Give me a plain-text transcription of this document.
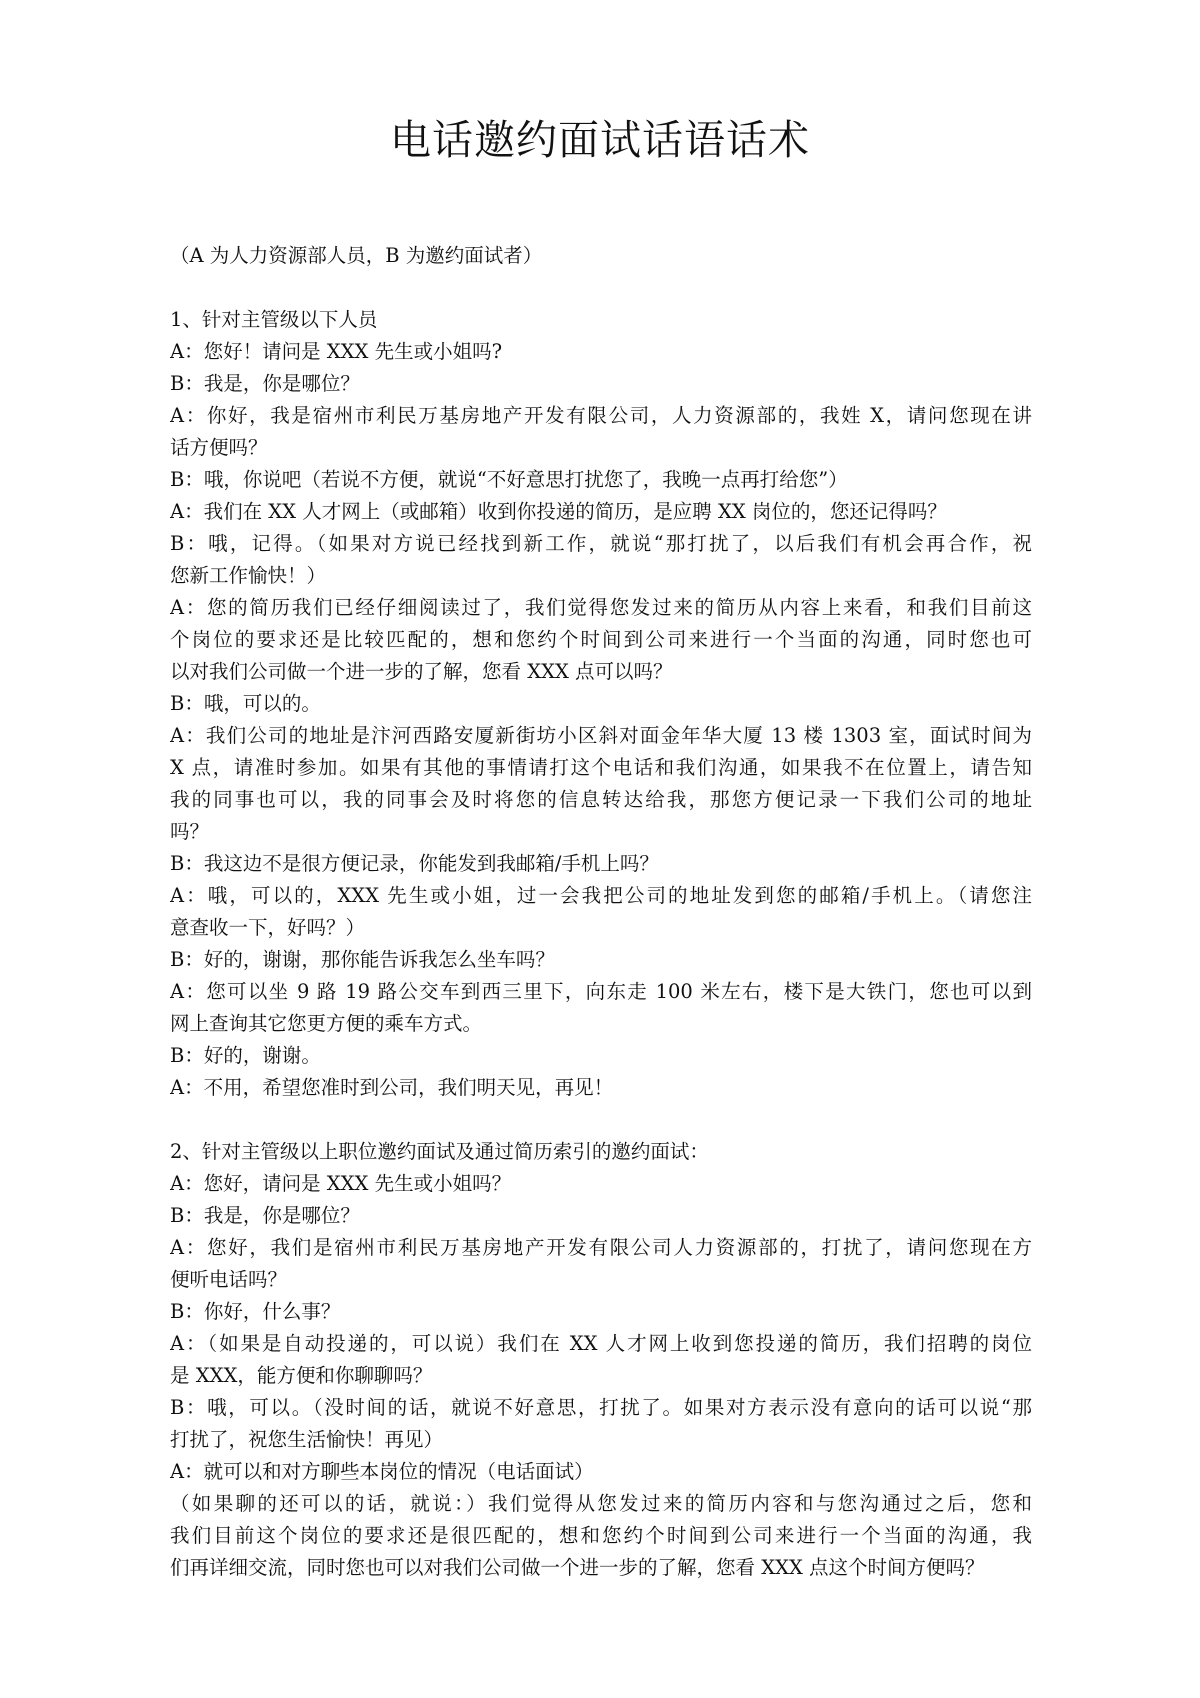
电话邀约面试话语话术
（A 为人力资源部人员，B 为邀约面试者）
1、针对主管级以下人员
A：您好！请问是 XXX 先生或小姐吗?
B：我是，你是哪位？
A：你好，我是宿州市利民万基房地产开发有限公司，人力资源部的，我姓 X，请问您现在讲
话方便吗？
B：哦，你说吧（若说不方便，就说“不好意思打扰您了，我晚一点再打给您”）
A：我们在 XX 人才网上（或邮箱）收到你投递的简历，是应聘 XX 岗位的，您还记得吗？
B：哦，记得。（如果对方说已经找到新工作，就说“那打扰了，以后我们有机会再合作，祝
您新工作愉快！）
A：您的简历我们已经仔细阅读过了，我们觉得您发过来的简历从内容上来看，和我们目前这
个岗位的要求还是比较匹配的，想和您约个时间到公司来进行一个当面的沟通，同时您也可
以对我们公司做一个进一步的了解，您看 XXX 点可以吗？
B：哦，可以的。
A：我们公司的地址是汴河西路安厦新街坊小区斜对面金年华大厦 13 楼 1303 室，面试时间为
X 点，请准时参加。如果有其他的事情请打这个电话和我们沟通，如果我不在位置上，请告知
我的同事也可以，我的同事会及时将您的信息转达给我，那您方便记录一下我们公司的地址
吗？
B：我这边不是很方便记录，你能发到我邮箱/手机上吗？
A：哦，可以的，XXX 先生或小姐，过一会我把公司的地址发到您的邮箱/手机上。（请您注
意查收一下，好吗？）
B：好的，谢谢，那你能告诉我怎么坐车吗？
A：您可以坐 9 路 19 路公交车到西三里下，向东走 100 米左右，楼下是大铁门，您也可以到
网上查询其它您更方便的乘车方式。
B：好的，谢谢。
A：不用，希望您准时到公司，我们明天见，再见！
2、针对主管级以上职位邀约面试及通过简历索引的邀约面试：
A：您好，请问是 XXX 先生或小姐吗？
B：我是，你是哪位？
A：您好，我们是宿州市利民万基房地产开发有限公司人力资源部的，打扰了，请问您现在方
便听电话吗？
B：你好，什么事？
A：（如果是自动投递的，可以说）我们在 XX 人才网上收到您投递的简历，我们招聘的岗位
是 XXX，能方便和你聊聊吗？
B：哦，可以。（没时间的话，就说不好意思，打扰了。如果对方表示没有意向的话可以说“那
打扰了，祝您生活愉快！再见）
A：就可以和对方聊些本岗位的情况（电话面试）
（如果聊的还可以的话，就说：）我们觉得从您发过来的简历内容和与您沟通过之后，您和
我们目前这个岗位的要求还是很匹配的，想和您约个时间到公司来进行一个当面的沟通，我
们再详细交流，同时您也可以对我们公司做一个进一步的了解，您看 XXX 点这个时间方便吗？
